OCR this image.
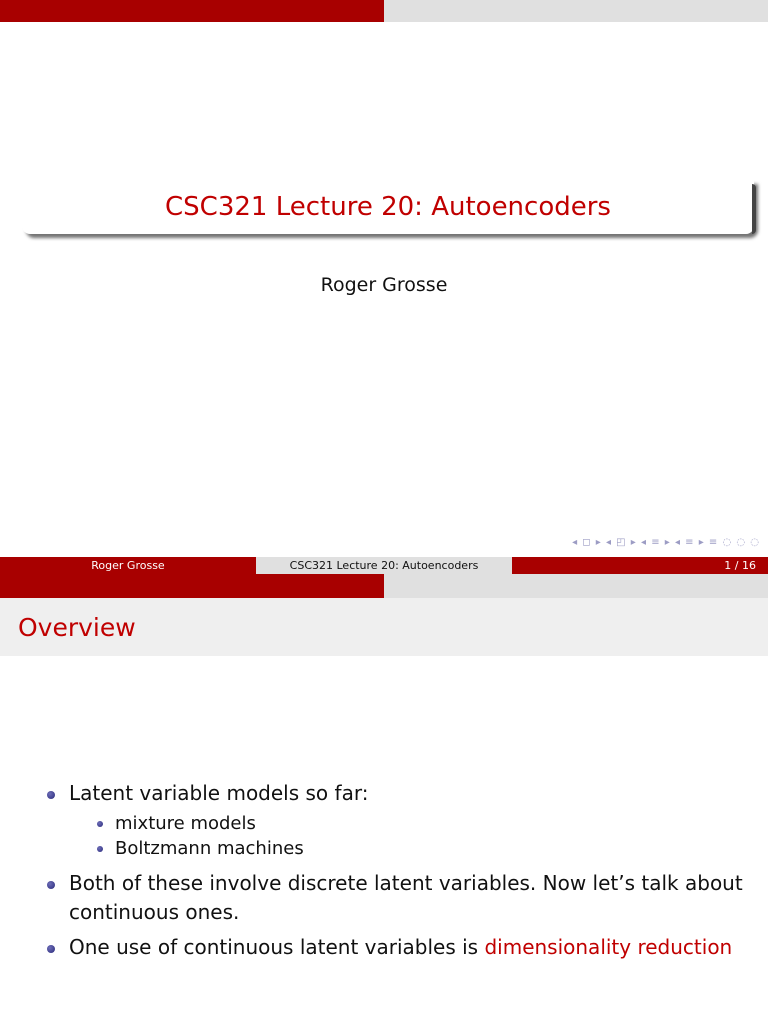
CSC321 Lecture 20: Autoencoders
Roger Grosse
◂ ◻ ▸ ◂ ◰ ▸ ◂ ≡ ▸ ◂ ≡ ▸ ≡ ◌ ◌ ◌
Roger Grosse	CSC321 Lecture 20: Autoencoders	1 / 16
Overview
Latent variable models so far:
mixture models
Boltzmann machines
Both of these involve discrete latent variables. Now let’s talk about
continuous ones.
One use of continuous latent variables is dimensionality reduction
